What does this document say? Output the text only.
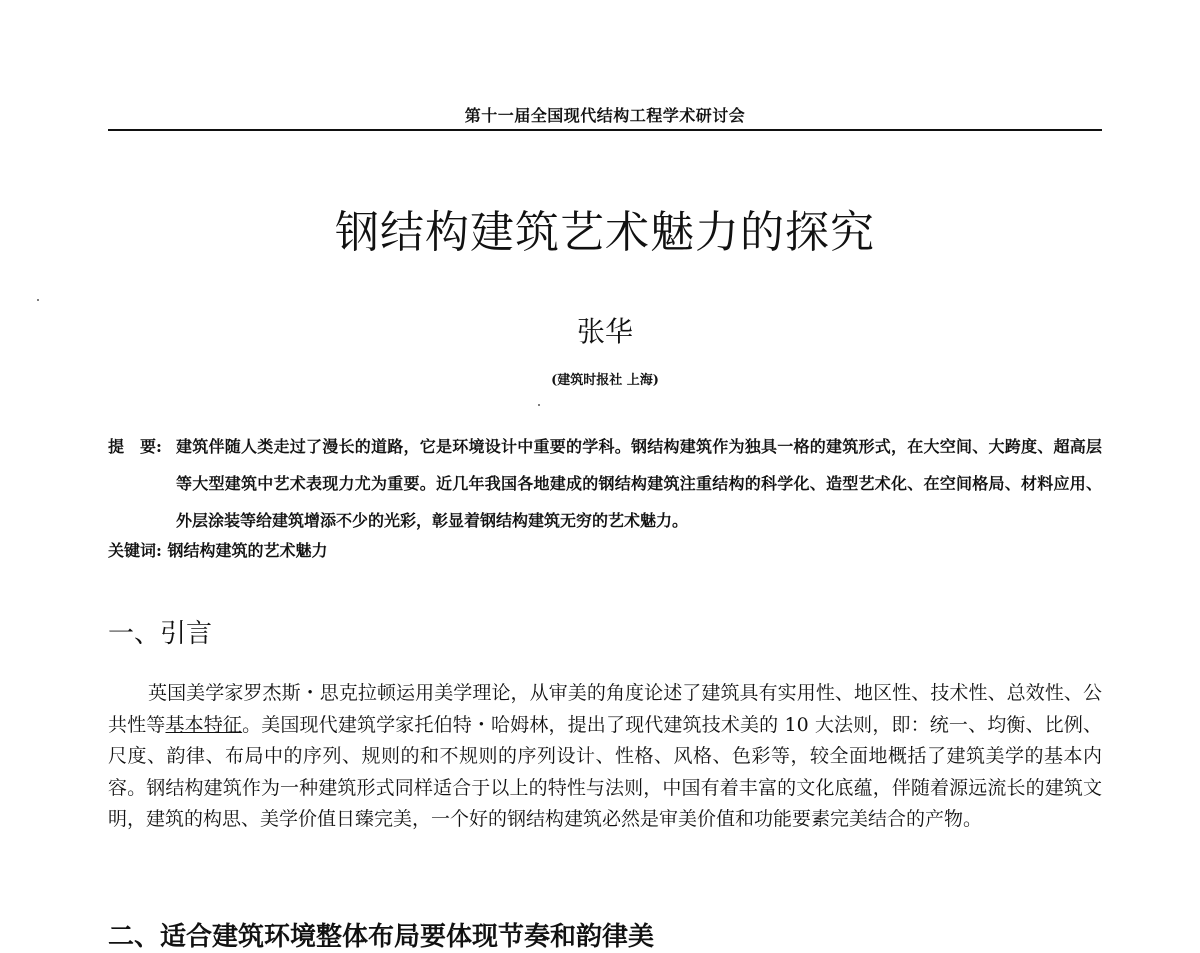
第十一届全国现代结构工程学术研讨会
钢结构建筑艺术魅力的探究
张华
(建筑时报社 上海)
提　要: 建筑伴随人类走过了漫长的道路，它是环境设计中重要的学科。钢结构建筑作为独具一格的建筑形式，在大空间、大跨度、超高层等大型建筑中艺术表现力尤为重要。近几年我国各地建成的钢结构建筑注重结构的科学化、造型艺术化、在空间格局、材料应用、外层涂装等给建筑增添不少的光彩，彰显着钢结构建筑无穷的艺术魅力。
关键词: 钢结构建筑的艺术魅力
一、引言
英国美学家罗杰斯・思克拉顿运用美学理论，从审美的角度论述了建筑具有实用性、地区性、技术性、总效性、公共性等基本特征。美国现代建筑学家托伯特・哈姆林，提出了现代建筑技术美的 10 大法则，即：统一、均衡、比例、尺度、韵律、布局中的序列、规则的和不规则的序列设计、性格、风格、色彩等，较全面地概括了建筑美学的基本内容。钢结构建筑作为一种建筑形式同样适合于以上的特性与法则，中国有着丰富的文化底蕴，伴随着源远流长的建筑文明，建筑的构思、美学价值日臻完美，一个好的钢结构建筑必然是审美价值和功能要素完美结合的产物。
二、适合建筑环境整体布局要体现节奏和韵律美
